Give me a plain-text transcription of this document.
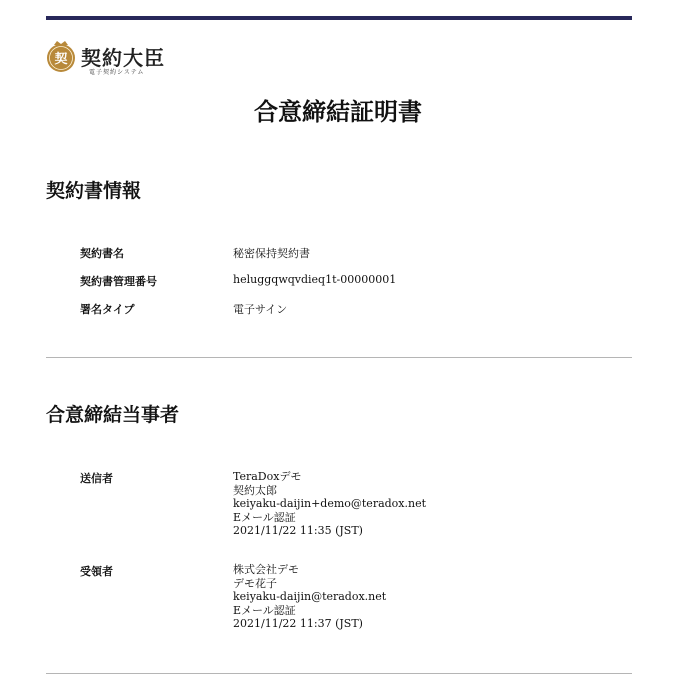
契 契約大臣
電子契約システム
合意締結証明書
契約書情報
契約書名	秘密保持契約書
契約書管理番号	heluggqwqvdieq1t-00000001
署名タイプ	電子サイン
合意締結当事者
送信者	TeraDoxデモ
契約太郎
keiyaku-daijin+demo@teradox.net
Eメール認証
2021/11/22 11:35 (JST)
受領者	株式会社デモ
デモ花子
keiyaku-daijin@teradox.net
Eメール認証
2021/11/22 11:37 (JST)
